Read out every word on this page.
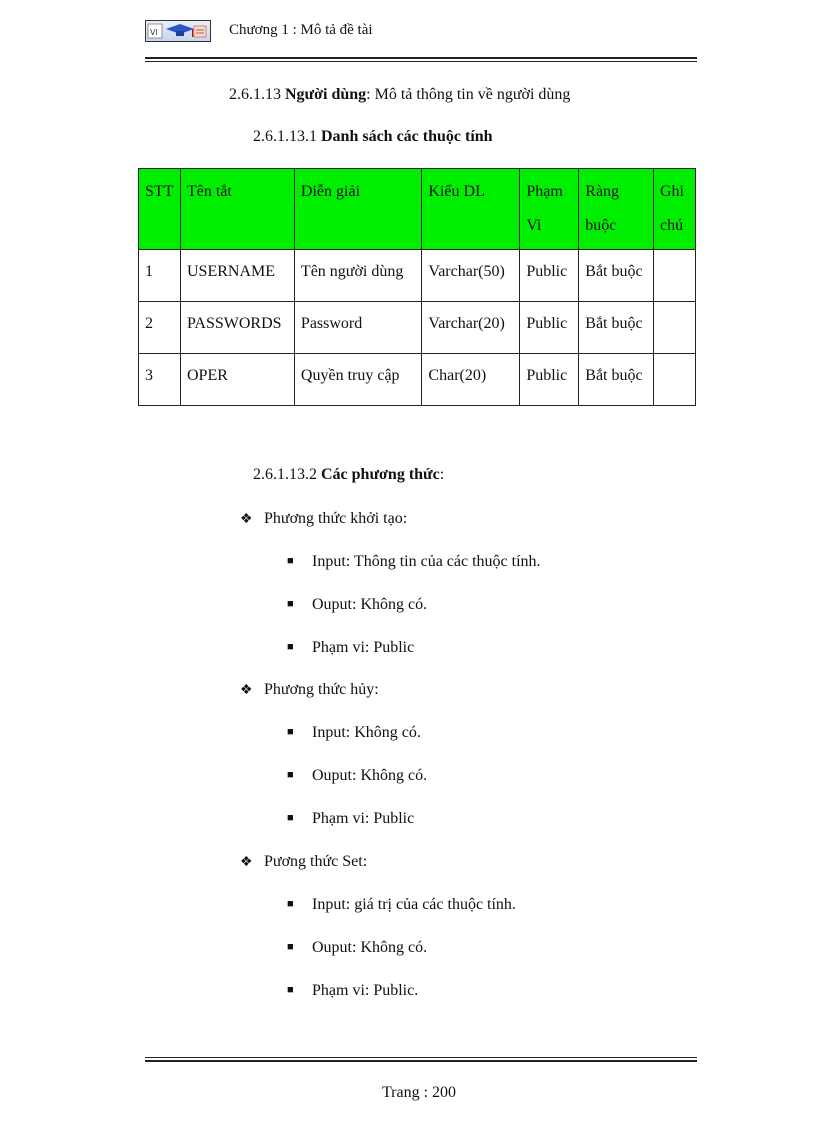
VI	Chương 1 : Mô tả đề tài
2.6.1.13 Người dùng: Mô tả thông tin về người dùng
2.6.1.13.1 Danh sách các thuộc tính
STT	Tên tắt	Diễn giải	Kiểu DL	Phạm Vi	Ràng buộc	Ghi chú
1	USERNAME	Tên người dùng	Varchar(50)	Public	Bắt buộc	
2	PASSWORDS	Password	Varchar(20)	Public	Bắt buộc	
3	OPER	Quyền truy cập	Char(20)	Public	Bắt buộc	
2.6.1.13.2 Các phương thức:
❖ Phương thức khởi tạo:
■ Input: Thông tin của các thuộc tính.
■ Ouput: Không có.
■ Phạm vi: Public
❖ Phương thức hủy:
■ Input: Không có.
■ Ouput: Không có.
■ Phạm vi: Public
❖ Pương thức Set:
■ Input: giá trị của các thuộc tính.
■ Ouput: Không có.
■ Phạm vi: Public.
Trang : 200
